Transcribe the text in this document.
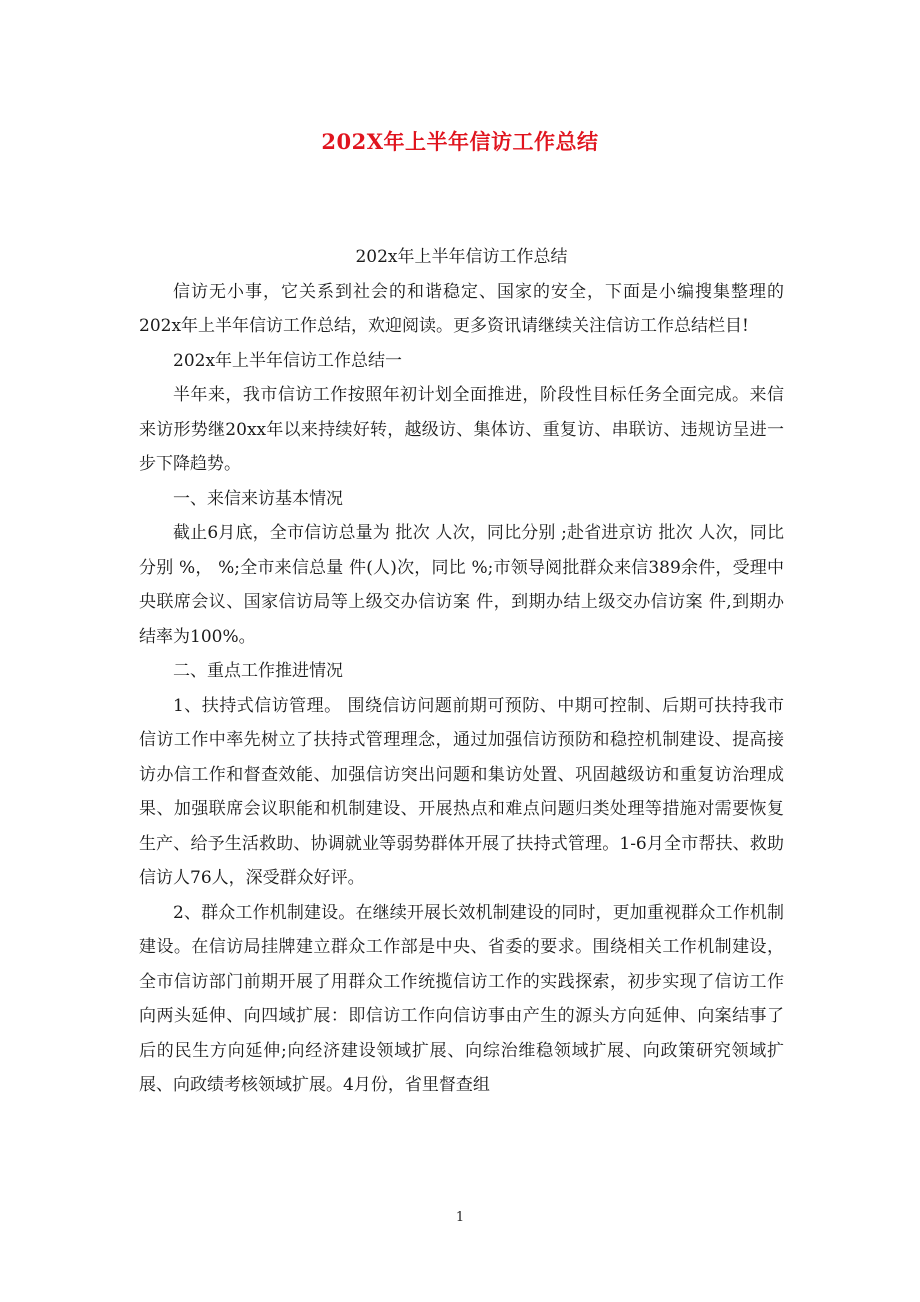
202X年上半年信访工作总结

202x年上半年信访工作总结

信访无小事，它关系到社会的和谐稳定、国家的安全，下面是小编搜集整理的202x年上半年信访工作总结，欢迎阅读。更多资讯请继续关注信访工作总结栏目!

202x年上半年信访工作总结一

半年来，我市信访工作按照年初计划全面推进，阶段性目标任务全面完成。来信来访形势继20xx年以来持续好转，越级访、集体访、重复访、串联访、违规访呈进一步下降趋势。

一、来信来访基本情况

截止6月底，全市信访总量为 批次 人次，同比分别 ;赴省进京访 批次 人次，同比分别 %， %;全市来信总量 件(人)次，同比 %;市领导阅批群众来信389余件，受理中央联席会议、国家信访局等上级交办信访案 件，到期办结上级交办信访案 件,到期办结率为100%。

二、重点工作推进情况

1、扶持式信访管理。 围绕信访问题前期可预防、中期可控制、后期可扶持我市信访工作中率先树立了扶持式管理理念，通过加强信访预防和稳控机制建设、提高接访办信工作和督查效能、加强信访突出问题和集访处置、巩固越级访和重复访治理成果、加强联席会议职能和机制建设、开展热点和难点问题归类处理等措施对需要恢复生产、给予生活救助、协调就业等弱势群体开展了扶持式管理。1-6月全市帮扶、救助信访人76人，深受群众好评。

2、群众工作机制建设。在继续开展长效机制建设的同时，更加重视群众工作机制建设。在信访局挂牌建立群众工作部是中央、省委的要求。围绕相关工作机制建设，全市信访部门前期开展了用群众工作统揽信访工作的实践探索，初步实现了信访工作向两头延伸、向四域扩展：即信访工作向信访事由产生的源头方向延伸、向案结事了后的民生方向延伸;向经济建设领域扩展、向综治维稳领域扩展、向政策研究领域扩展、向政绩考核领域扩展。4月份，省里督查组

1
